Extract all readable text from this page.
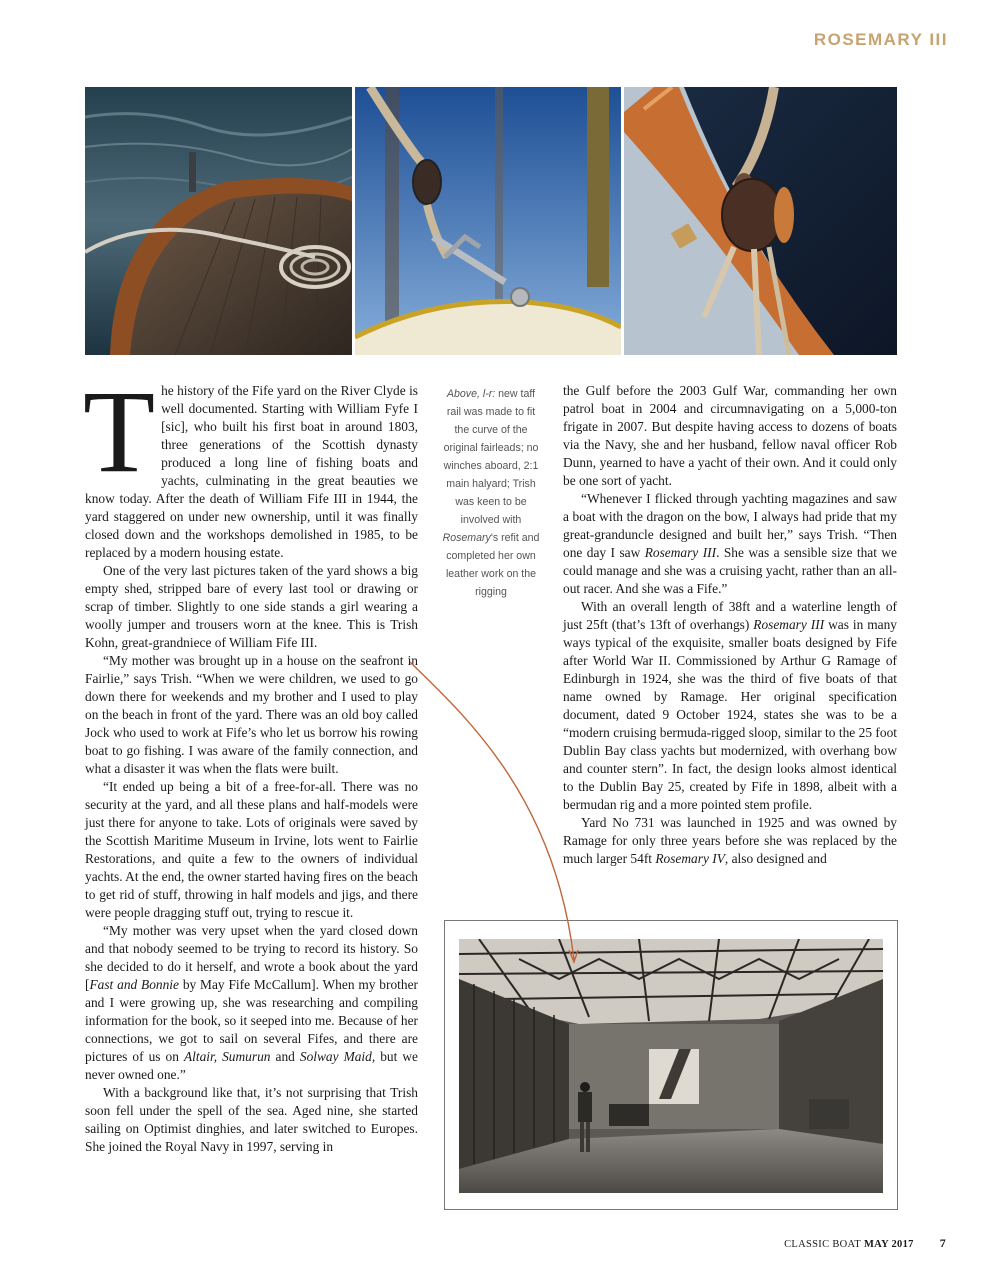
ROSEMARY III
Above, l-r: new taff rail was made to fit the curve of the original fairleads; no winches aboard, 2:1 main halyard; Trish was keen to be involved with Rosemary's refit and completed her own leather work on the rigging

The history of the Fife yard on the River Clyde is well documented. Starting with William Fyfe I [sic], who built his first boat in around 1803, three generations of the Scottish dynasty produced a long line of fishing boats and yachts, culminating in the great beauties we know today. After the death of William Fife III in 1944, the yard staggered on under new ownership, until it was finally closed down and the workshops demolished in 1985, to be replaced by a modern housing estate.

One of the very last pictures taken of the yard shows a big empty shed, stripped bare of every last tool or drawing or scrap of timber. Slightly to one side stands a girl wearing a woolly jumper and trousers worn at the knee. This is Trish Kohn, great-grandniece of William Fife III.

“My mother was brought up in a house on the seafront in Fairlie,” says Trish. “When we were children, we used to go down there for weekends and my brother and I used to play on the beach in front of the yard. There was an old boy called Jock who used to work at Fife’s who let us borrow his rowing boat to go fishing. I was aware of the family connection, and what a disaster it was when the flats were built.

“It ended up being a bit of a free-for-all. There was no security at the yard, and all these plans and half-models were just there for anyone to take. Lots of originals were saved by the Scottish Maritime Museum in Irvine, lots went to Fairlie Restorations, and quite a few to the owners of individual yachts. At the end, the owner started having fires on the beach to get rid of stuff, throwing in half models and jigs, and there were people dragging stuff out, trying to rescue it.

“My mother was very upset when the yard closed down and that nobody seemed to be trying to record its history. So she decided to do it herself, and wrote a book about the yard [Fast and Bonnie by May Fife McCallum]. When my brother and I were growing up, she was researching and compiling information for the book, so it seeped into me. Because of her connections, we got to sail on several Fifes, and there are pictures of us on Altair, Sumurun and Solway Maid, but we never owned one.”

With a background like that, it’s not surprising that Trish soon fell under the spell of the sea. Aged nine, she started sailing on Optimist dinghies, and later switched to Europes. She joined the Royal Navy in 1997, serving in

the Gulf before the 2003 Gulf War, commanding her own patrol boat in 2004 and circumnavigating on a 5,000-ton frigate in 2007. But despite having access to dozens of boats via the Navy, she and her husband, fellow naval officer Rob Dunn, yearned to have a yacht of their own. And it could only be one sort of yacht.

“Whenever I flicked through yachting magazines and saw a boat with the dragon on the bow, I always had pride that my great-granduncle designed and built her,” says Trish. “Then one day I saw Rosemary III. She was a sensible size that we could manage and she was a cruising yacht, rather than an all-out racer. And she was a Fife.”

With an overall length of 38ft and a waterline length of just 25ft (that’s 13ft of overhangs) Rosemary III was in many ways typical of the exquisite, smaller boats designed by Fife after World War II. Commissioned by Arthur G Ramage of Edinburgh in 1924, she was the third of five boats of that name owned by Ramage. Her original specification document, dated 9 October 1924, states she was to be a “modern cruising bermuda-rigged sloop, similar to the 25 foot Dublin Bay class yachts but modernized, with overhang bow and counter stern”. In fact, the design looks almost identical to the Dublin Bay 25, created by Fife in 1898, albeit with a bermudan rig and a more pointed stem profile.

Yard No 731 was launched in 1925 and was owned by Ramage for only three years before she was replaced by the much larger 54ft Rosemary IV, also designed and

CLASSIC BOAT MAY 2017 7
